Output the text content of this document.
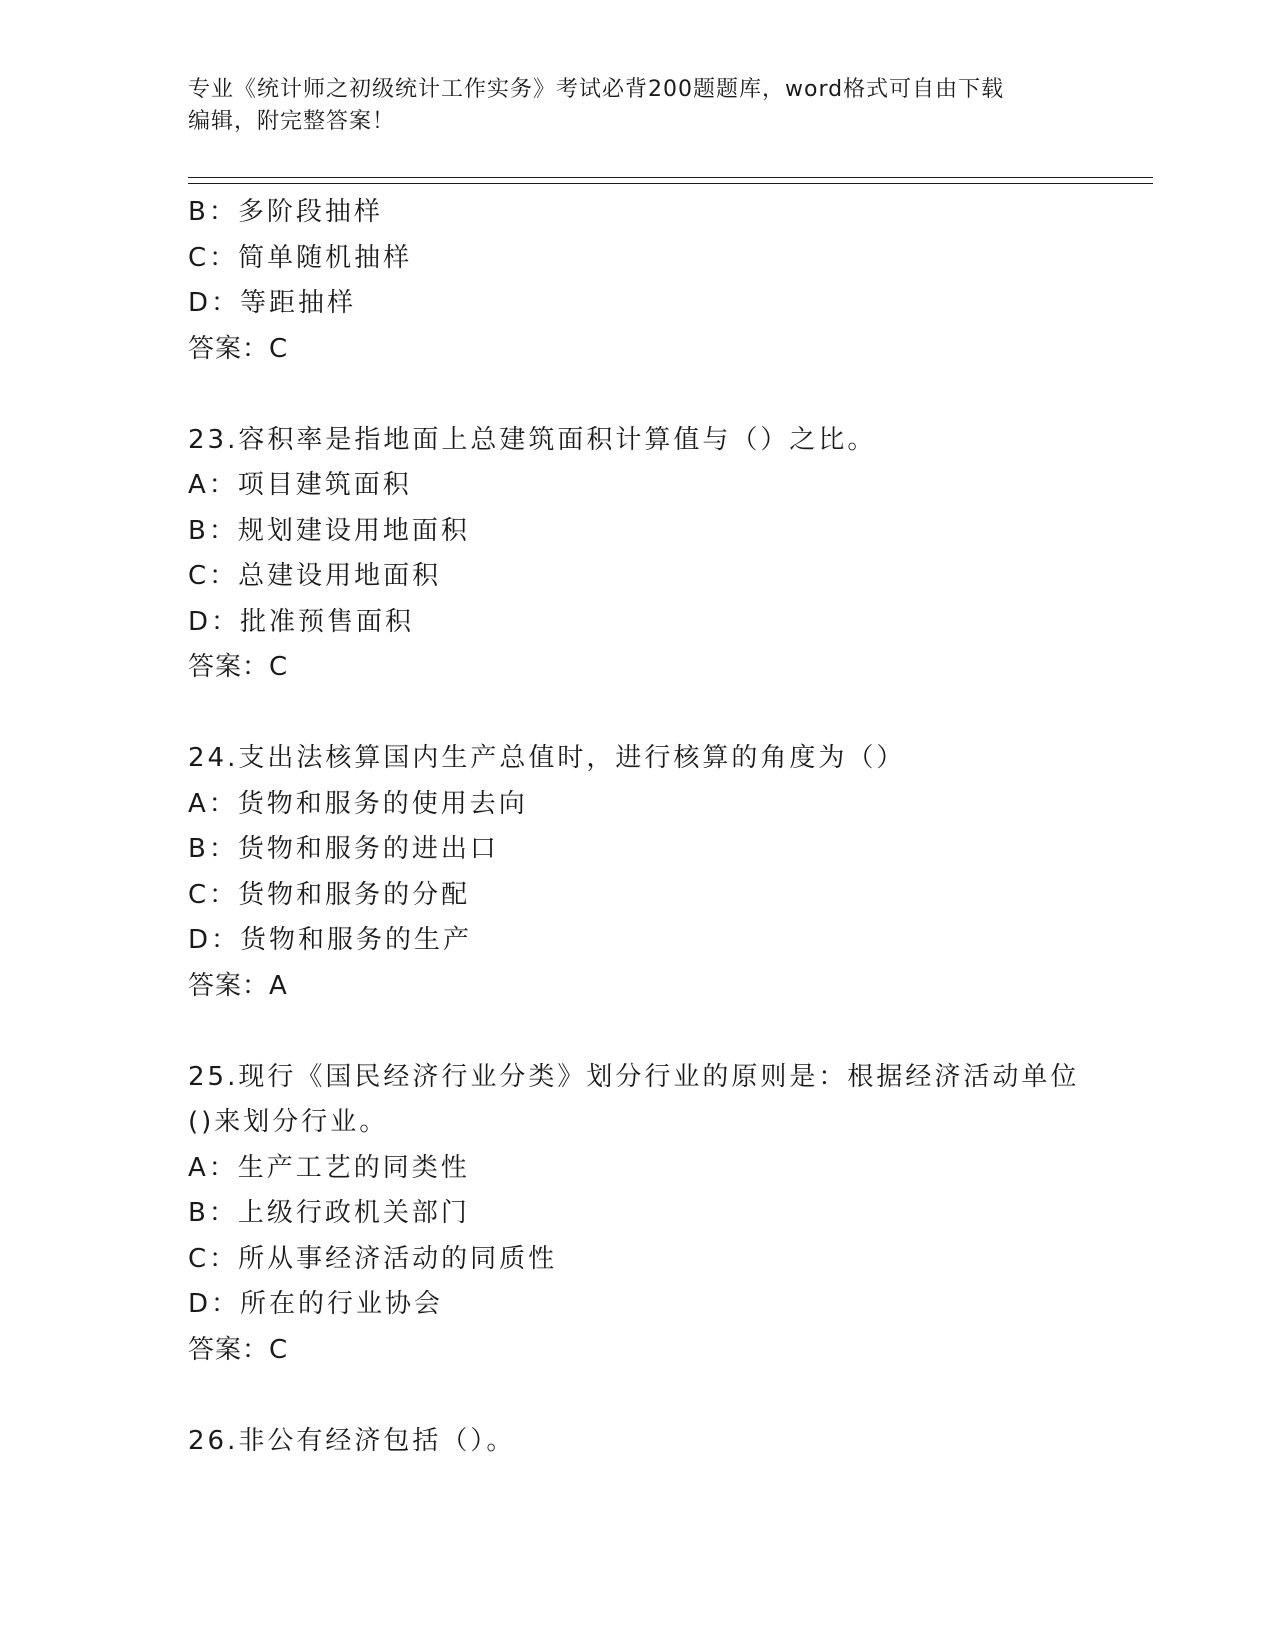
专业《统计师之初级统计工作实务》考试必背200题题库，word格式可自由下载
编辑，附完整答案！
B：多阶段抽样
C：简单随机抽样
D：等距抽样
答案：C
23.容积率是指地面上总建筑面积计算值与（）之比。
A：项目建筑面积
B：规划建设用地面积
C：总建设用地面积
D：批准预售面积
答案：C
24.支出法核算国内生产总值时，进行核算的角度为（）
A：货物和服务的使用去向
B：货物和服务的进出口
C：货物和服务的分配
D：货物和服务的生产
答案：A
25.现行《国民经济行业分类》划分行业的原则是：根据经济活动单位
()来划分行业。
A：生产工艺的同类性
B：上级行政机关部门
C：所从事经济活动的同质性
D：所在的行业协会
答案：C
26.非公有经济包括（）。
